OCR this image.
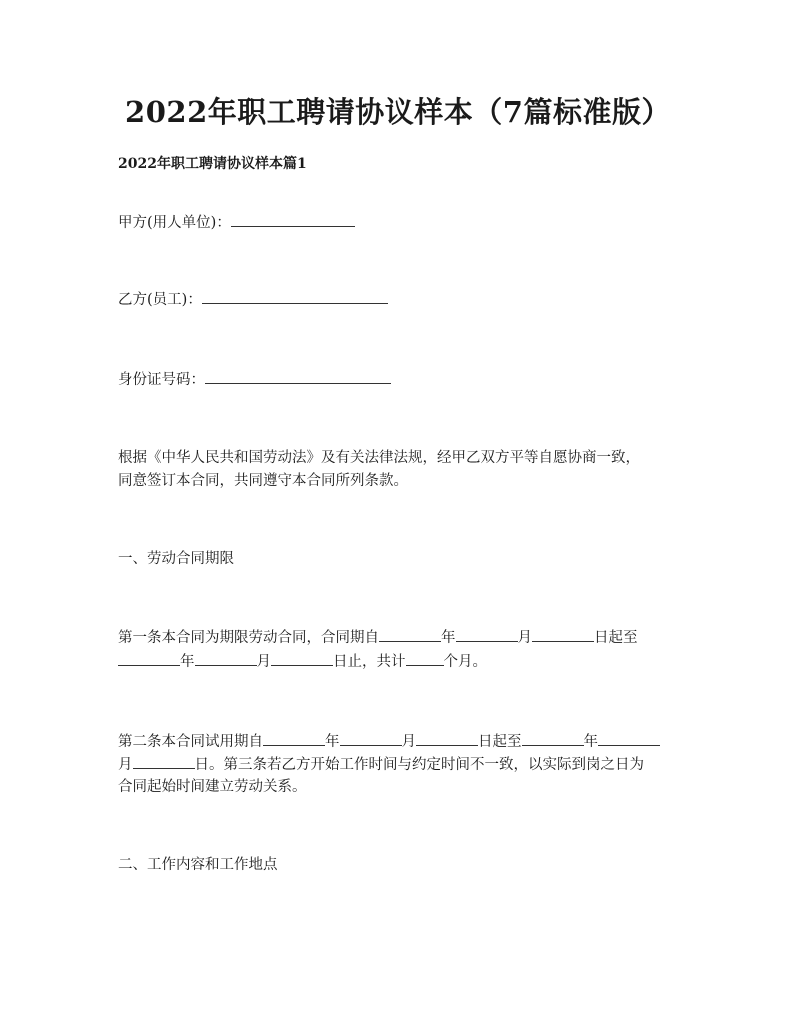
2022年职工聘请协议样本（7篇标准版）
2022年职工聘请协议样本篇1
甲方(用人单位)：
乙方(员工)：
身份证号码：
根据《中华人民共和国劳动法》及有关法律法规，经甲乙双方平等自愿协商一致，
同意签订本合同，共同遵守本合同所列条款。
一、劳动合同期限
第一条本合同为期限劳动合同，合同期自	年	月	日起至
年	月	日止，共计	个月。
第二条本合同试用期自	年	月	日起至	年
月	日。第三条若乙方开始工作时间与约定时间不一致，以实际到岗之日为
合同起始时间建立劳动关系。
二、工作内容和工作地点
